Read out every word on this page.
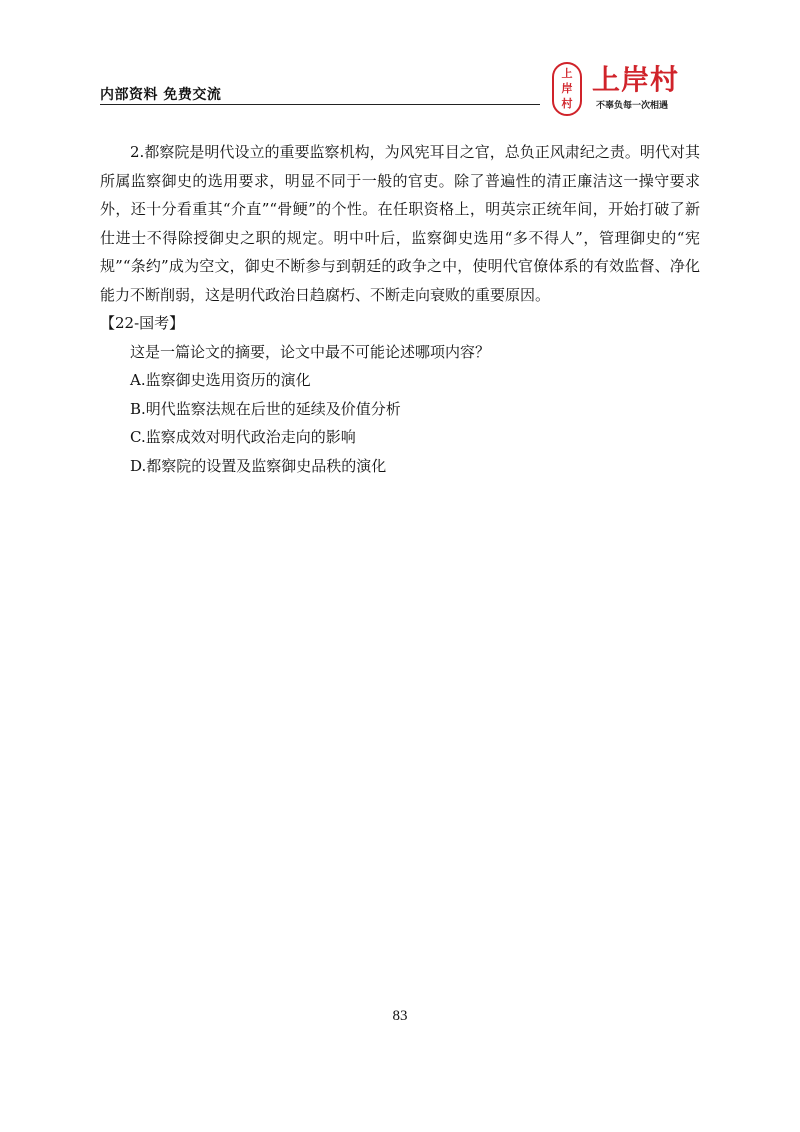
内部资料 免费交流
上
岸
村
上岸村
不辜负每一次相遇

2.都察院是明代设立的重要监察机构，为风宪耳目之官，总负正风肃纪之责。明代对其所属监察御史的选用要求，明显不同于一般的官吏。除了普遍性的清正廉洁这一操守要求外，还十分看重其“介直”“骨鲠”的个性。在任职资格上，明英宗正统年间，开始打破了新仕进士不得除授御史之职的规定。明中叶后，监察御史选用“多不得人”，管理御史的“宪规”“条约”成为空文，御史不断参与到朝廷的政争之中，使明代官僚体系的有效监督、净化能力不断削弱，这是明代政治日趋腐朽、不断走向衰败的重要原因。

【22-国考】

这是一篇论文的摘要，论文中最不可能论述哪项内容？

A.监察御史选用资历的演化

B.明代监察法规在后世的延续及价值分析

C.监察成效对明代政治走向的影响

D.都察院的设置及监察御史品秩的演化

83
